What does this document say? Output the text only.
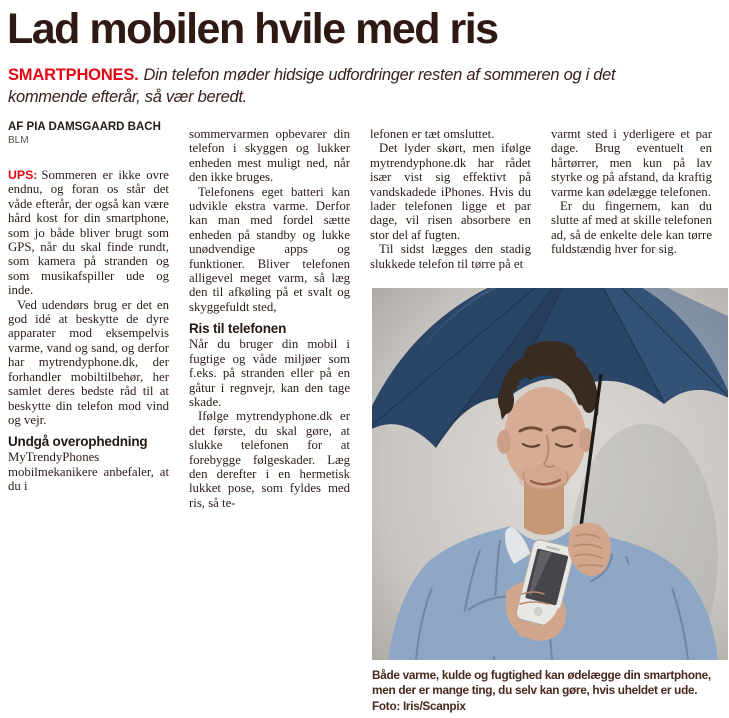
Lad mobilen hvile med ris

SMARTPHONES. Din telefon møder hidsige udfordringer resten af sommeren og i det kommende efterår, så vær beredt.

AF PIA DAMSGAARD BACH
BLM

UPS: Sommeren er ikke ovre endnu, og foran os står det våde efterår, der også kan være hård kost for din smartphone, som jo både bliver brugt som GPS, når du skal finde rundt, som kamera på stranden og som musikafspiller ude og inde.

Ved udendørs brug er det en god idé at beskytte de dyre apparater mod eksempelvis varme, vand og sand, og derfor har mytrendyphone.dk, der forhandler mobiltilbehør, her samlet deres bedste råd til at beskytte din telefon mod vind og vejr.

Undgå overophedning

MyTrendyPhones mobilmekanikere anbefaler, at du i

sommervarmen opbevarer din telefon i skyggen og lukker enheden mest muligt ned, når den ikke bruges.

Telefonens eget batteri kan udvikle ekstra varme. Derfor kan man med fordel sætte enheden på standby og lukke unødvendige apps og funktioner. Bliver telefonen alligevel meget varm, så læg den til afkøling på et svalt og skyggefuldt sted,

Ris til telefonen

Når du bruger din mobil i fugtige og våde miljøer som f.eks. på stranden eller på en gåtur i regnvejr, kan den tage skade.

Ifølge mytrendyphone.dk er det første, du skal gøre, at slukke telefonen for at forebygge følgeskader. Læg den derefter i en hermetisk lukket pose, som fyldes med ris, så te-

lefonen er tæt omsluttet.

Det lyder skørt, men ifølge mytrendyphone.dk har rådet især vist sig effektivt på vandskadede iPhones. Hvis du lader telefonen ligge et par dage, vil risen absorbere en stor del af fugten.

Til sidst lægges den stadig slukkede telefon til tørre på et

varmt sted i yderligere et par dage. Brug eventuelt en hårtørrer, men kun på lav styrke og på afstand, da kraftig varme kan ødelægge telefonen.

Er du fingernem, kan du slutte af med at skille telefonen ad, så de enkelte dele kan tørre fuldstændig hver for sig.

Både varme, kulde og fugtighed kan ødelægge din smartphone, men der er mange ting, du selv kan gøre, hvis uheldet er ude. Foto: Iris/Scanpix
